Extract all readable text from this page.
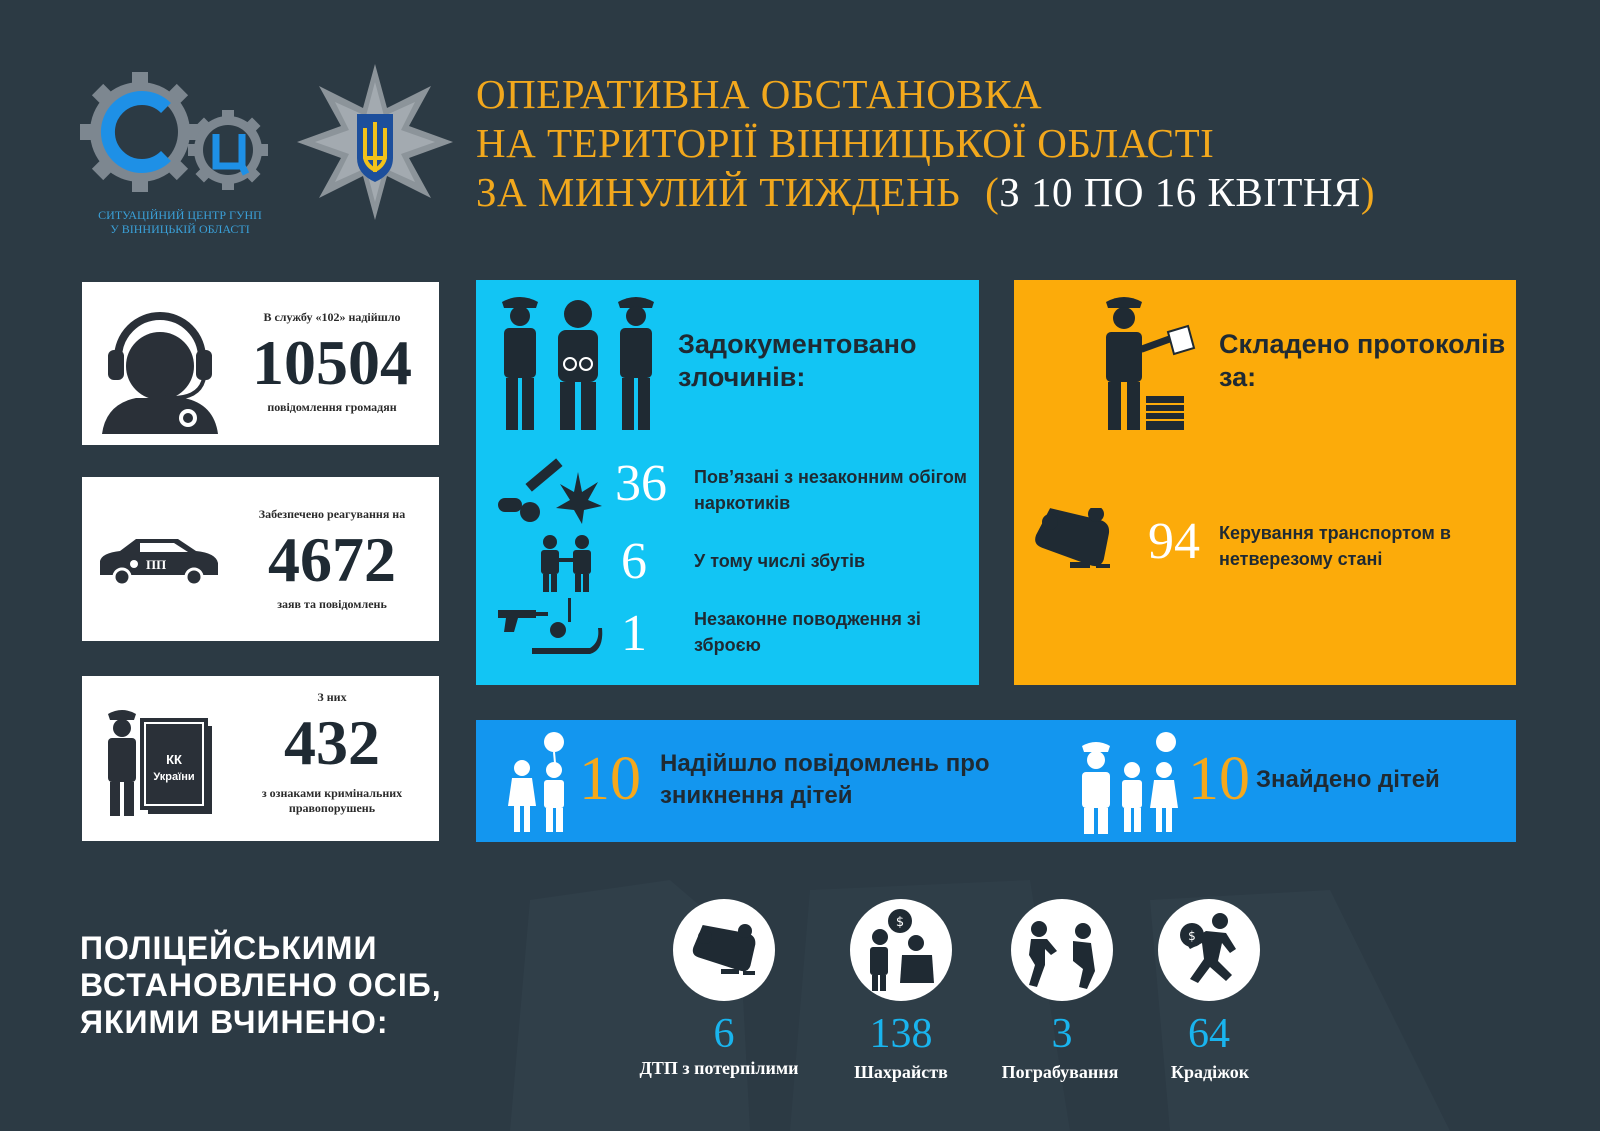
СИТУАЦІЙНИЙ ЦЕНТР ГУНП
У ВІННИЦЬКІЙ ОБЛАСТІ
ОПЕРАТИВНА ОБСТАНОВКА
НА ТЕРИТОРІЇ ВІННИЦЬКОЇ ОБЛАСТІ
ЗА МИНУЛИЙ ТИЖДЕНЬ (З 10 ПО 16 КВІТНЯ)
В службу «102» надійшло
10504
повідомлення громадян
ПП
Забезпечено реагування на
4672
заяв та повідомлень
КК
України
З них
432
з ознаками кримінальних правопорушень
Задокументовано злочинів:
36	Пов’язані з незаконним обігом наркотиків
6	У тому числі збутів
1	Незаконне поводження зі зброєю
Складено протоколів за:
94	Керування транспортом в нетверезому стані
10 Надійшло повідомлень про зникнення дітей	10 Знайдено дітей
ПОЛІЦЕЙСЬКИМИ ВСТАНОВЛЕНО ОСІБ, ЯКИМИ ВЧИНЕНО:
$
$
6	138	3	64
ДТП з потерпілими	Шахрайств	Пограбування	Крадіжок
